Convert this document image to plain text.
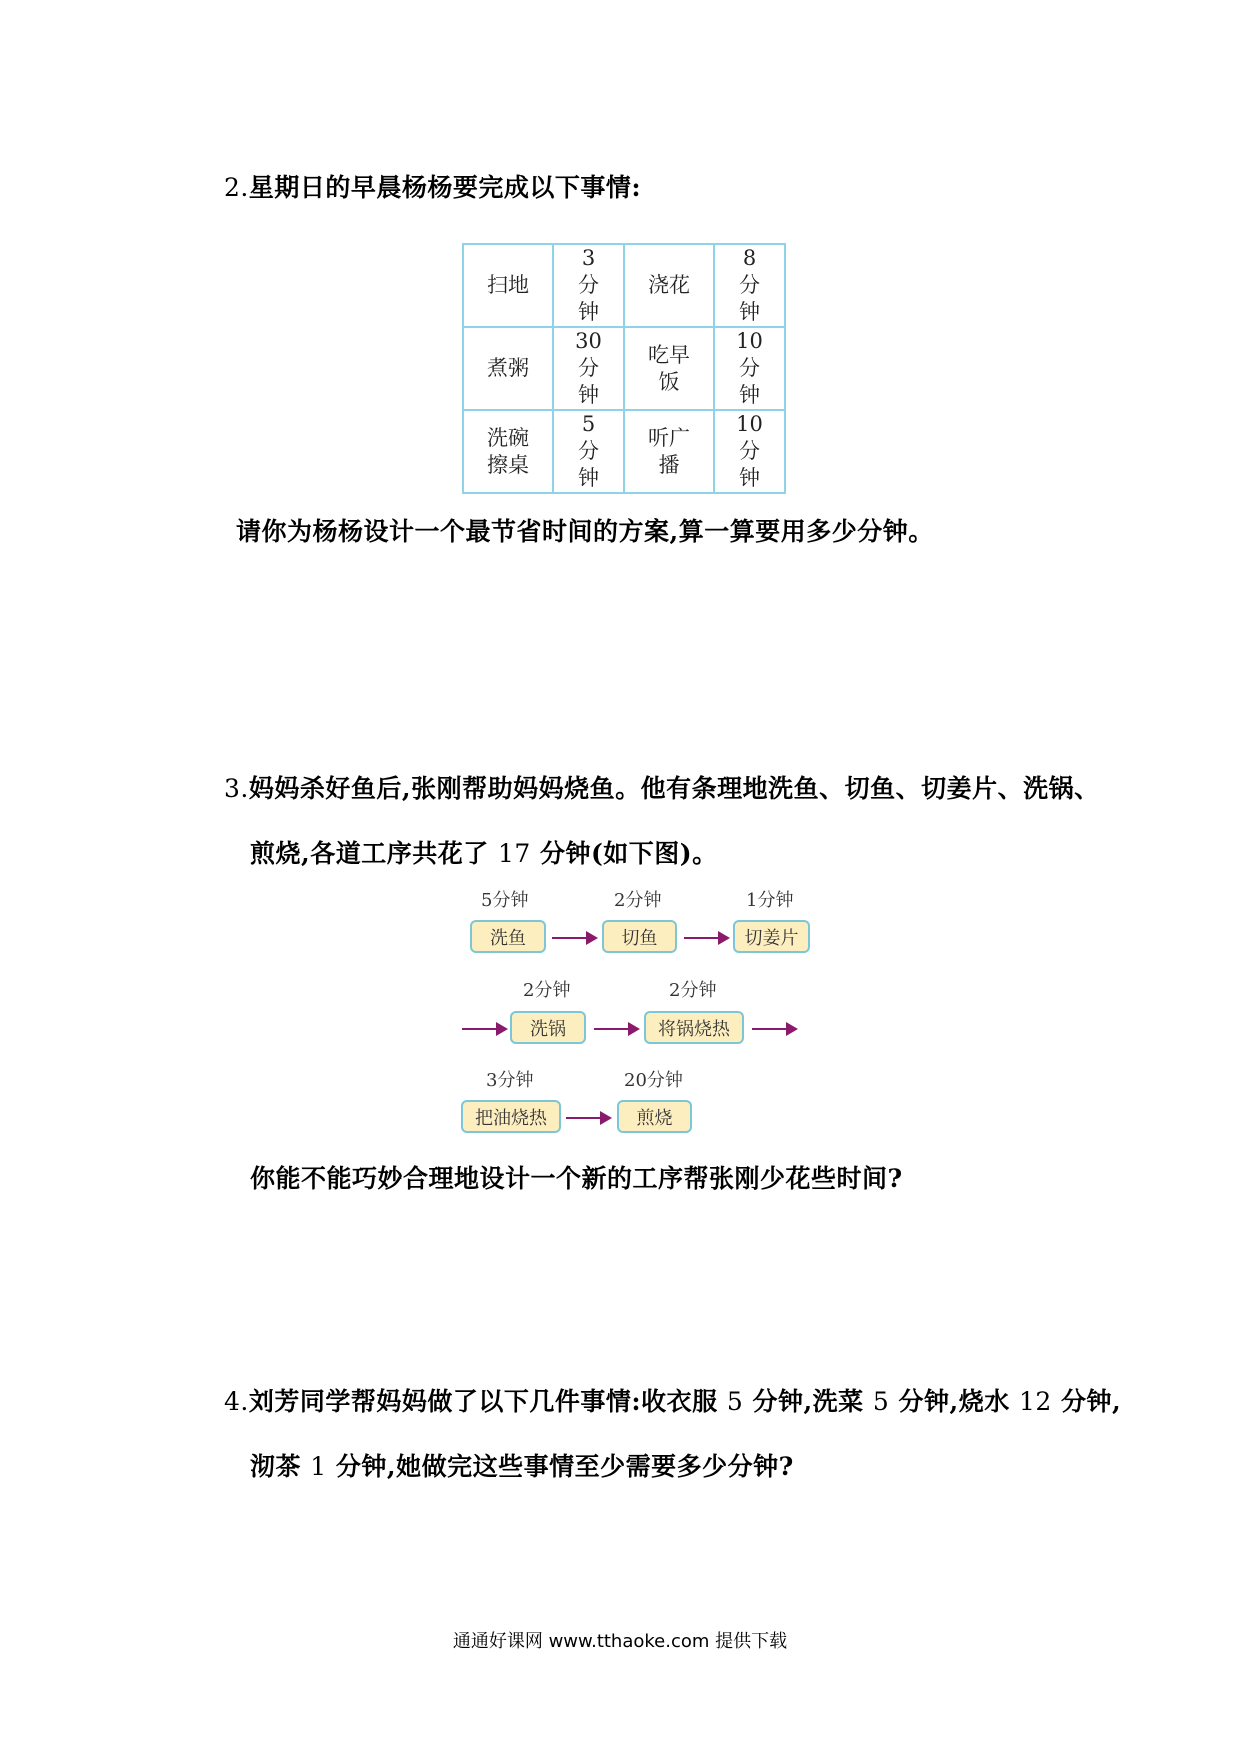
2.星期日的早晨杨杨要完成以下事情:
扫地	3
分
钟	浇花	8
分
钟

煮粥	30
分
钟	吃早
饭	10
分
钟

洗碗
擦桌	5
分
钟	听广
播	10
分
钟
请你为杨杨设计一个最节省时间的方案,算一算要用多少分钟。
3.妈妈杀好鱼后,张刚帮助妈妈烧鱼。他有条理地洗鱼、切鱼、切姜片、洗锅、
煎烧,各道工序共花了 17 分钟(如下图)。
5分钟
洗鱼
2分钟
切鱼
1分钟
切姜片
2分钟
洗锅
2分钟
将锅烧热
3分钟
把油烧热
20分钟
煎烧
你能不能巧妙合理地设计一个新的工序帮张刚少花些时间?
4.刘芳同学帮妈妈做了以下几件事情:收衣服 5 分钟,洗菜 5 分钟,烧水 12 分钟,
沏茶 1 分钟,她做完这些事情至少需要多少分钟?
通通好课网 www.tthaoke.com 提供下载
